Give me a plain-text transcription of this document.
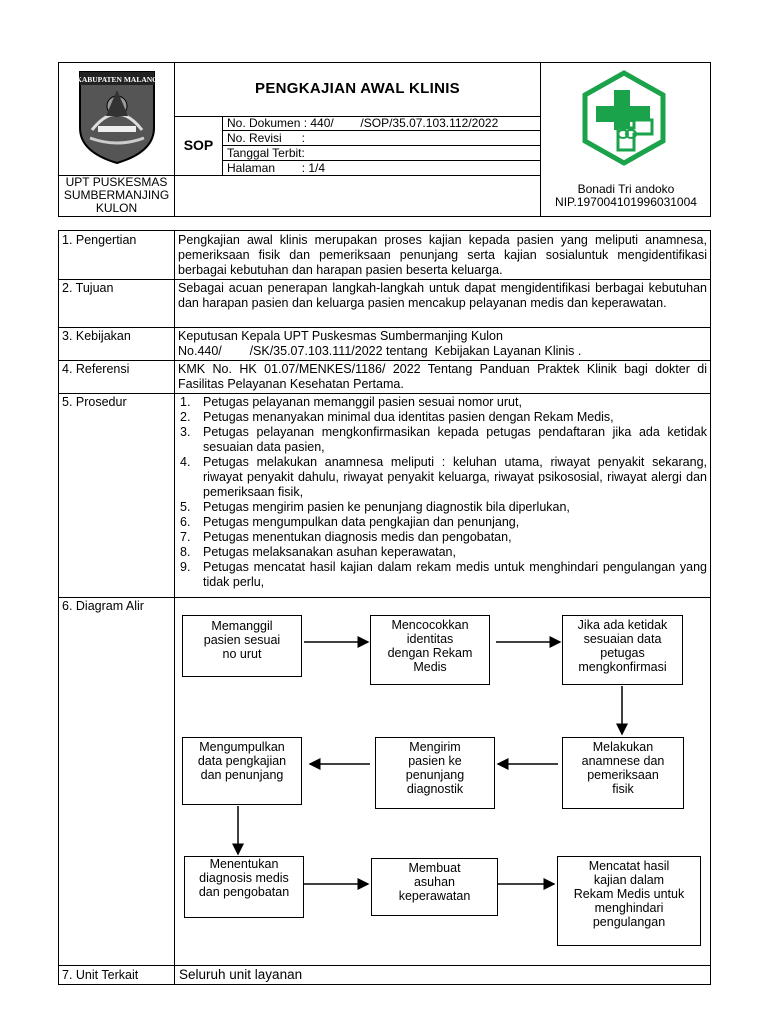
KABUPATEN MALANG
PENGKAJIAN AWAL KLINIS
SOP
No. Dokumen : 440/        /SOP/35.07.103.112/2022
No. Revisi      :
Tanggal Terbit:
Halaman        : 1/4
UPT PUSKESMAS
SUMBERMANJING
KULON
Bonadi Tri andoko
NIP.197004101996031004
1. Pengertian	Pengkajian awal klinis merupakan proses kajian kepada pasien yang meliputi anamnesa, pemeriksaan fisik dan pemeriksaan penunjang serta kajian sosialuntuk mengidentifikasi berbagai kebutuhan dan harapan pasien beserta keluarga.
2. Tujuan	Sebagai acuan penerapan langkah-langkah untuk dapat mengidentifikasi berbagai kebutuhan dan harapan pasien dan keluarga pasien mencakup pelayanan medis dan keperawatan.
3. Kebijakan	Keputusan Kepala UPT Puskesmas Sumbermanjing Kulon
No.440/        /SK/35.07.103.111/2022 tentang  Kebijakan Layanan Klinis .
4. Referensi	KMK No. HK 01.07/MENKES/1186/ 2022 Tentang Panduan Praktek Klinik bagi dokter di Fasilitas Pelayanan Kesehatan Pertama.
5. Prosedur	1. Petugas pelayanan memanggil pasien sesuai nomor urut,
2. Petugas menanyakan minimal dua identitas pasien dengan Rekam Medis,
3. Petugas pelayanan mengkonfirmasikan kepada petugas pendaftaran jika ada ketidak sesuaian data pasien,
4. Petugas melakukan anamnesa meliputi : keluhan utama, riwayat penyakit sekarang, riwayat penyakit dahulu, riwayat penyakit keluarga, riwayat psikososial, riwayat alergi dan pemeriksaan fisik,
5. Petugas mengirim pasien ke penunjang diagnostik bila diperlukan,
6. Petugas mengumpulkan data pengkajian dan penunjang,
7. Petugas menentukan diagnosis medis dan pengobatan,
8. Petugas melaksanakan asuhan keperawatan,
9. Petugas mencatat hasil kajian dalam rekam medis untuk menghindari pengulangan yang tidak perlu,
6. Diagram Alir
Memanggil
pasien sesuai
no urut
Mencocokkan
identitas
dengan Rekam
Medis
Jika ada ketidak
sesuaian data
petugas
mengkonfirmasi
Mengumpulkan
data pengkajian
dan penunjang
Mengirim
pasien ke
penunjang
diagnostik
Melakukan
anamnese dan
pemeriksaan
fisik
Menentukan
diagnosis medis
dan pengobatan
Membuat
asuhan
keperawatan
Mencatat hasil
kajian dalam
Rekam Medis untuk
menghindari
pengulangan
7. Unit Terkait	Seluruh unit layanan
